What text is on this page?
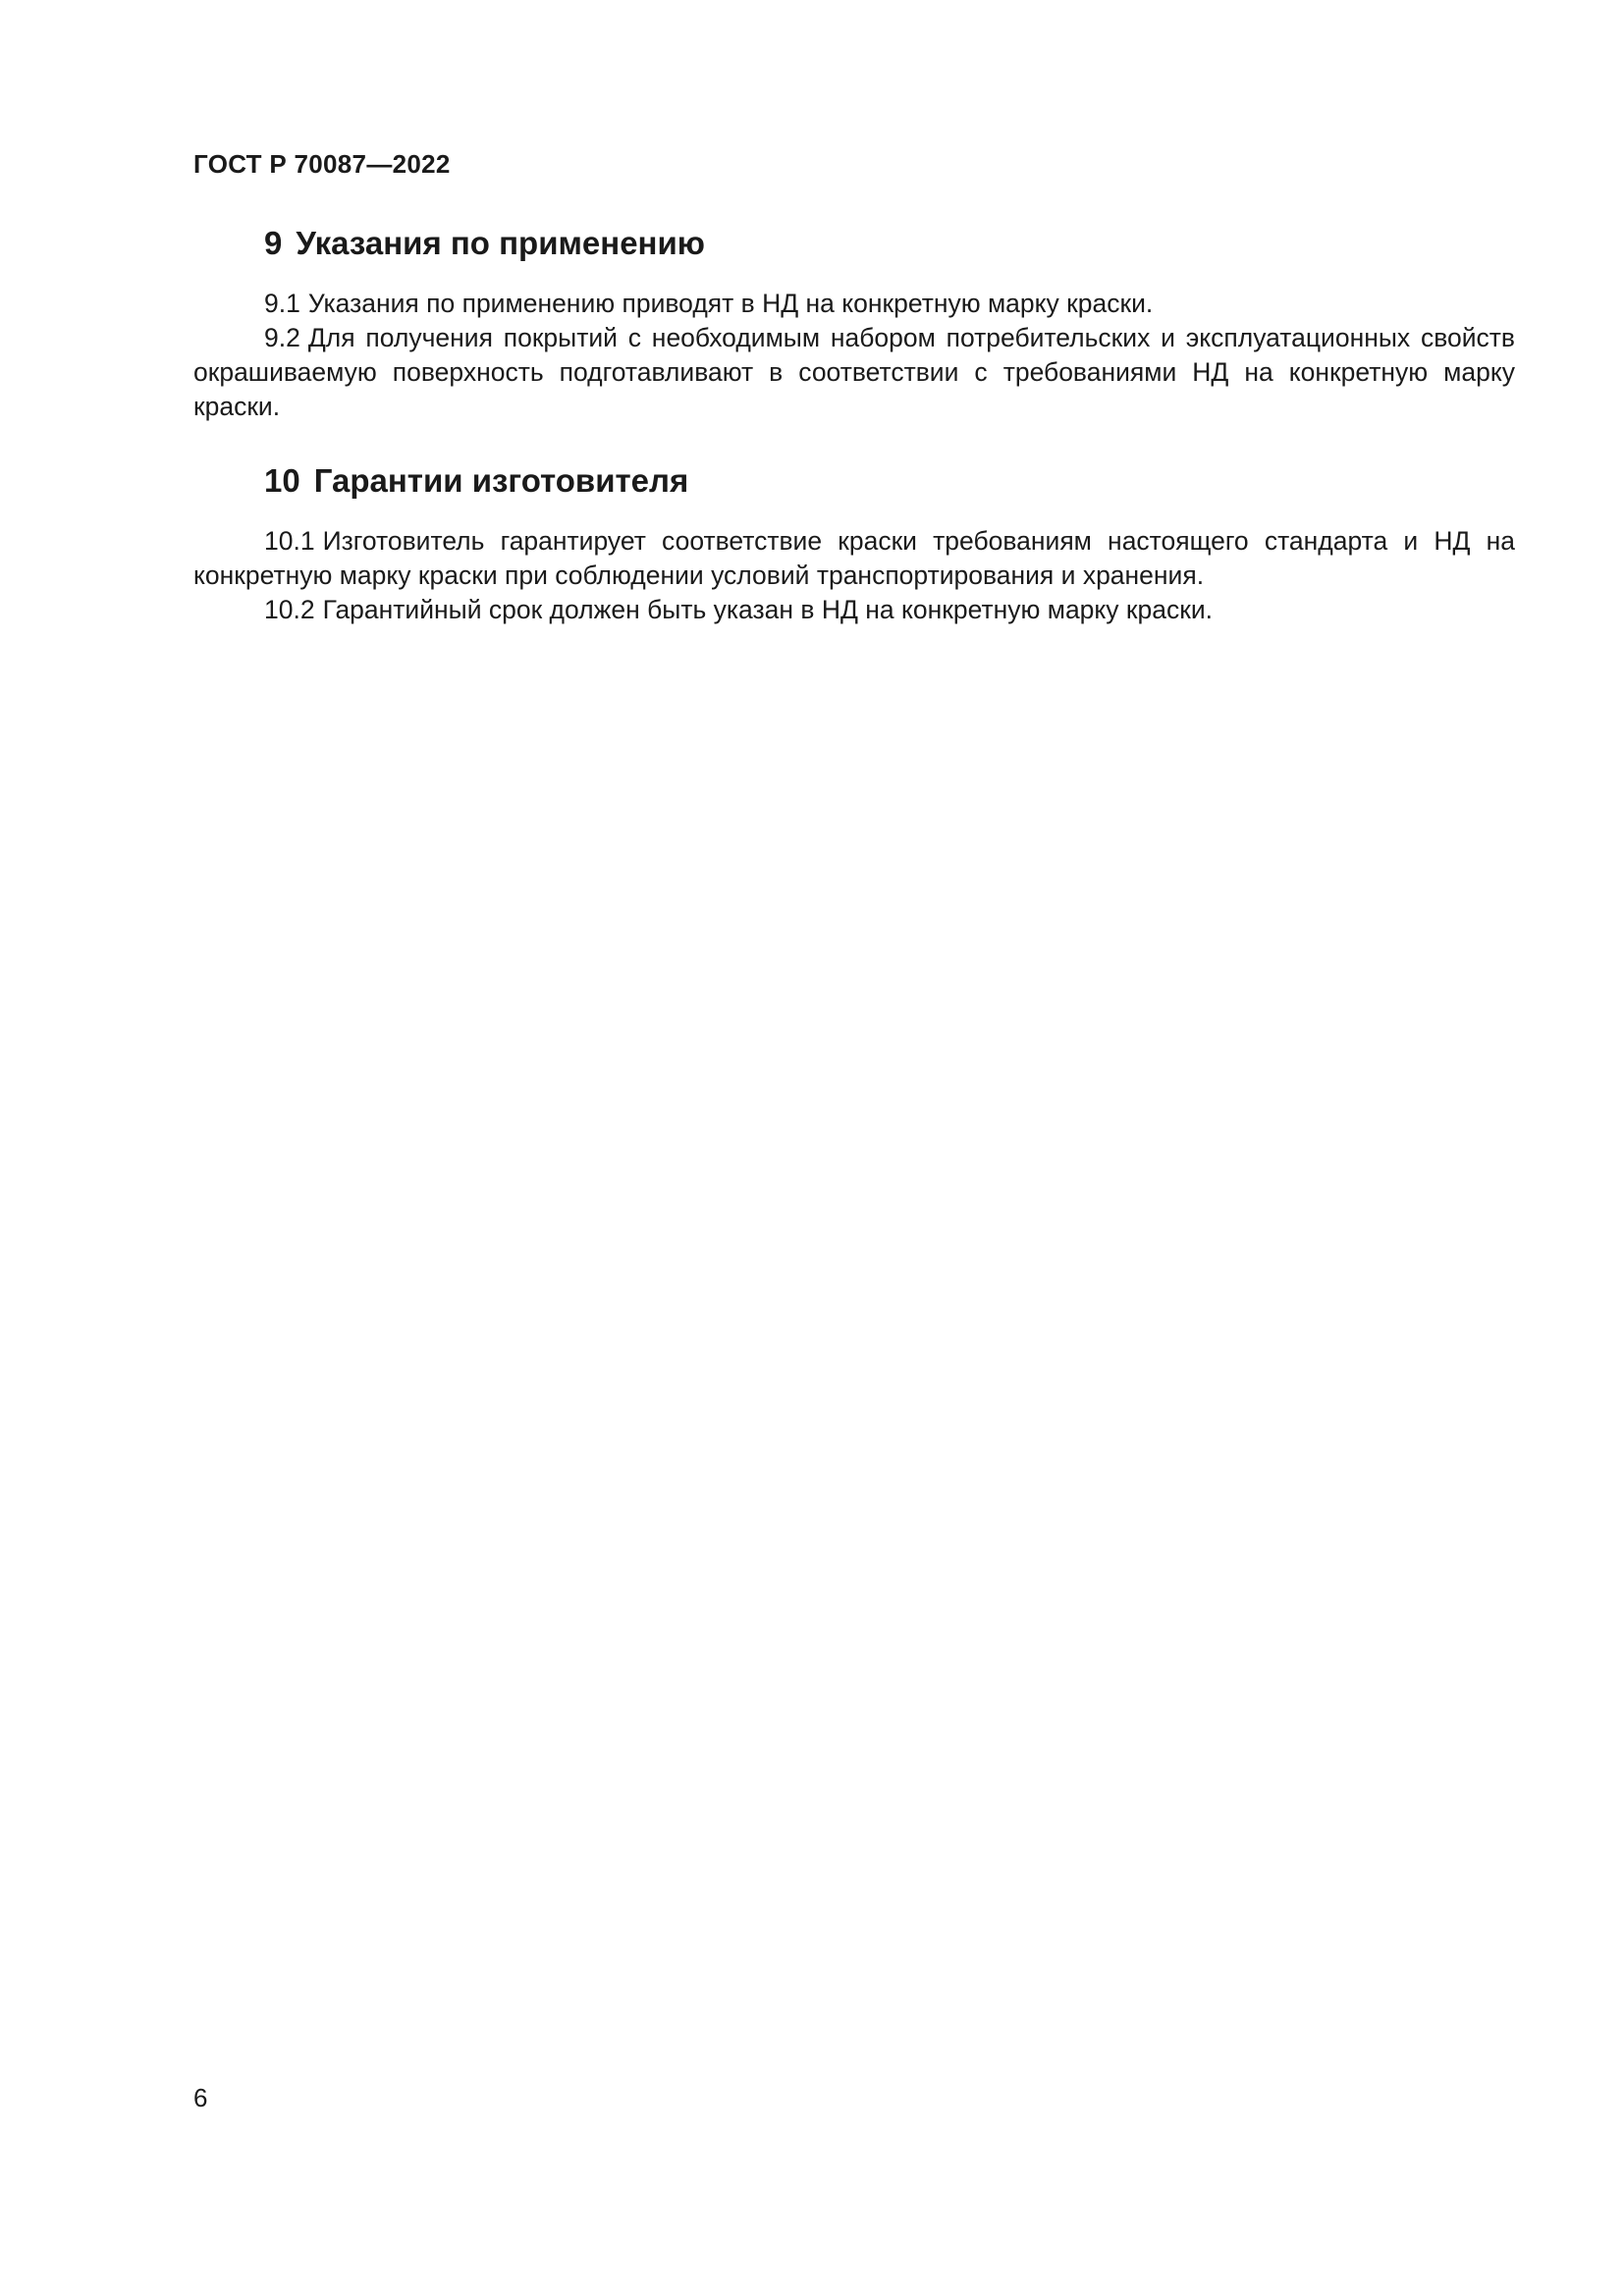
ГОСТ Р 70087—2022
9 Указания по применению

9.1 Указания по применению приводят в НД на конкретную марку краски.

9.2 Для получения покрытий с необходимым набором потребительских и эксплуатационных свойств окрашиваемую поверхность подготавливают в соответствии с требованиями НД на конкретную марку краски.

10 Гарантии изготовителя

10.1 Изготовитель гарантирует соответствие краски требованиям настоящего стандарта и НД на конкретную марку краски при соблюдении условий транспортирования и хранения.

10.2 Гарантийный срок должен быть указан в НД на конкретную марку краски.

6
